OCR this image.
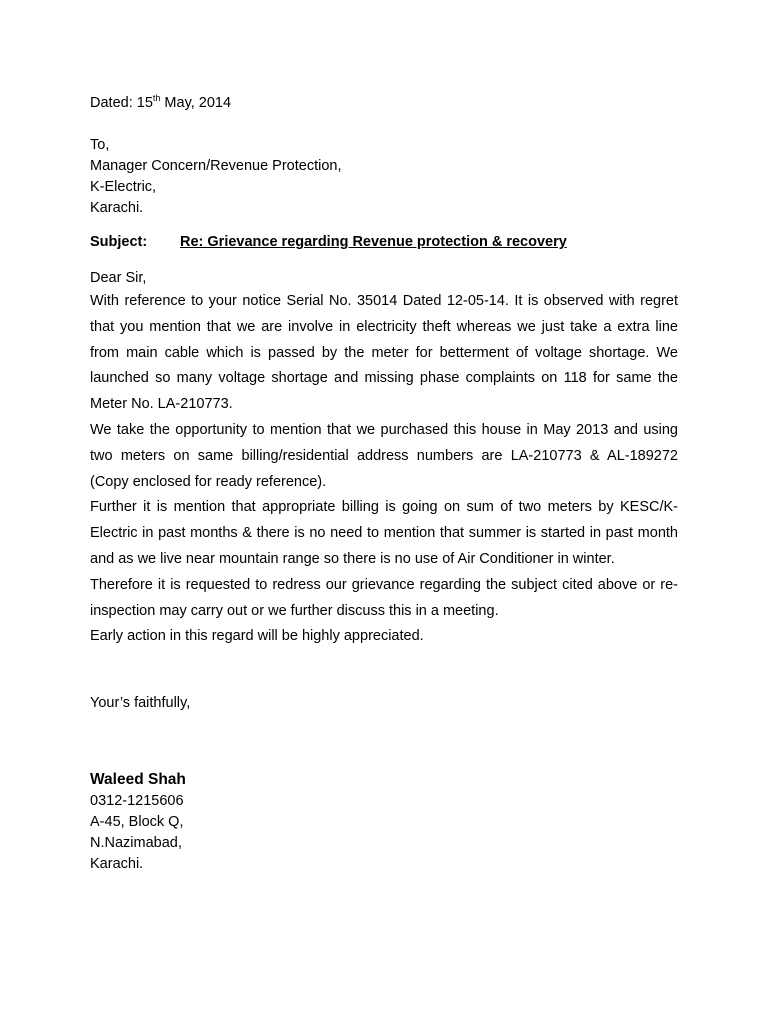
Dated: 15th May, 2014
To,
Manager Concern/Revenue Protection,
K-Electric,
Karachi.
Subject:	Re: Grievance regarding Revenue protection & recovery
Dear Sir,

With reference to your notice Serial No. 35014 Dated 12-05-14. It is observed with regret that you mention that we are involve in electricity theft whereas we just take a extra line from main cable which is passed by the meter for betterment of voltage shortage. We launched so many voltage shortage and missing phase complaints on 118 for same the Meter No. LA-210773.

We take the opportunity to mention that we purchased this house in May 2013 and using two meters on same billing/residential address numbers are LA-210773 & AL-189272 (Copy enclosed for ready reference).

Further it is mention that appropriate billing is going on sum of two meters by KESC/K-Electric in past months & there is no need to mention that summer is started in past month and as we live near mountain range so there is no use of Air Conditioner in winter.

Therefore it is requested to redress our grievance regarding the subject cited above or re-inspection may carry out or we further discuss this in a meeting.

Early action in this regard will be highly appreciated.

Your’s faithfully,
Waleed Shah
0312-1215606
A-45, Block Q,
N.Nazimabad,
Karachi.
